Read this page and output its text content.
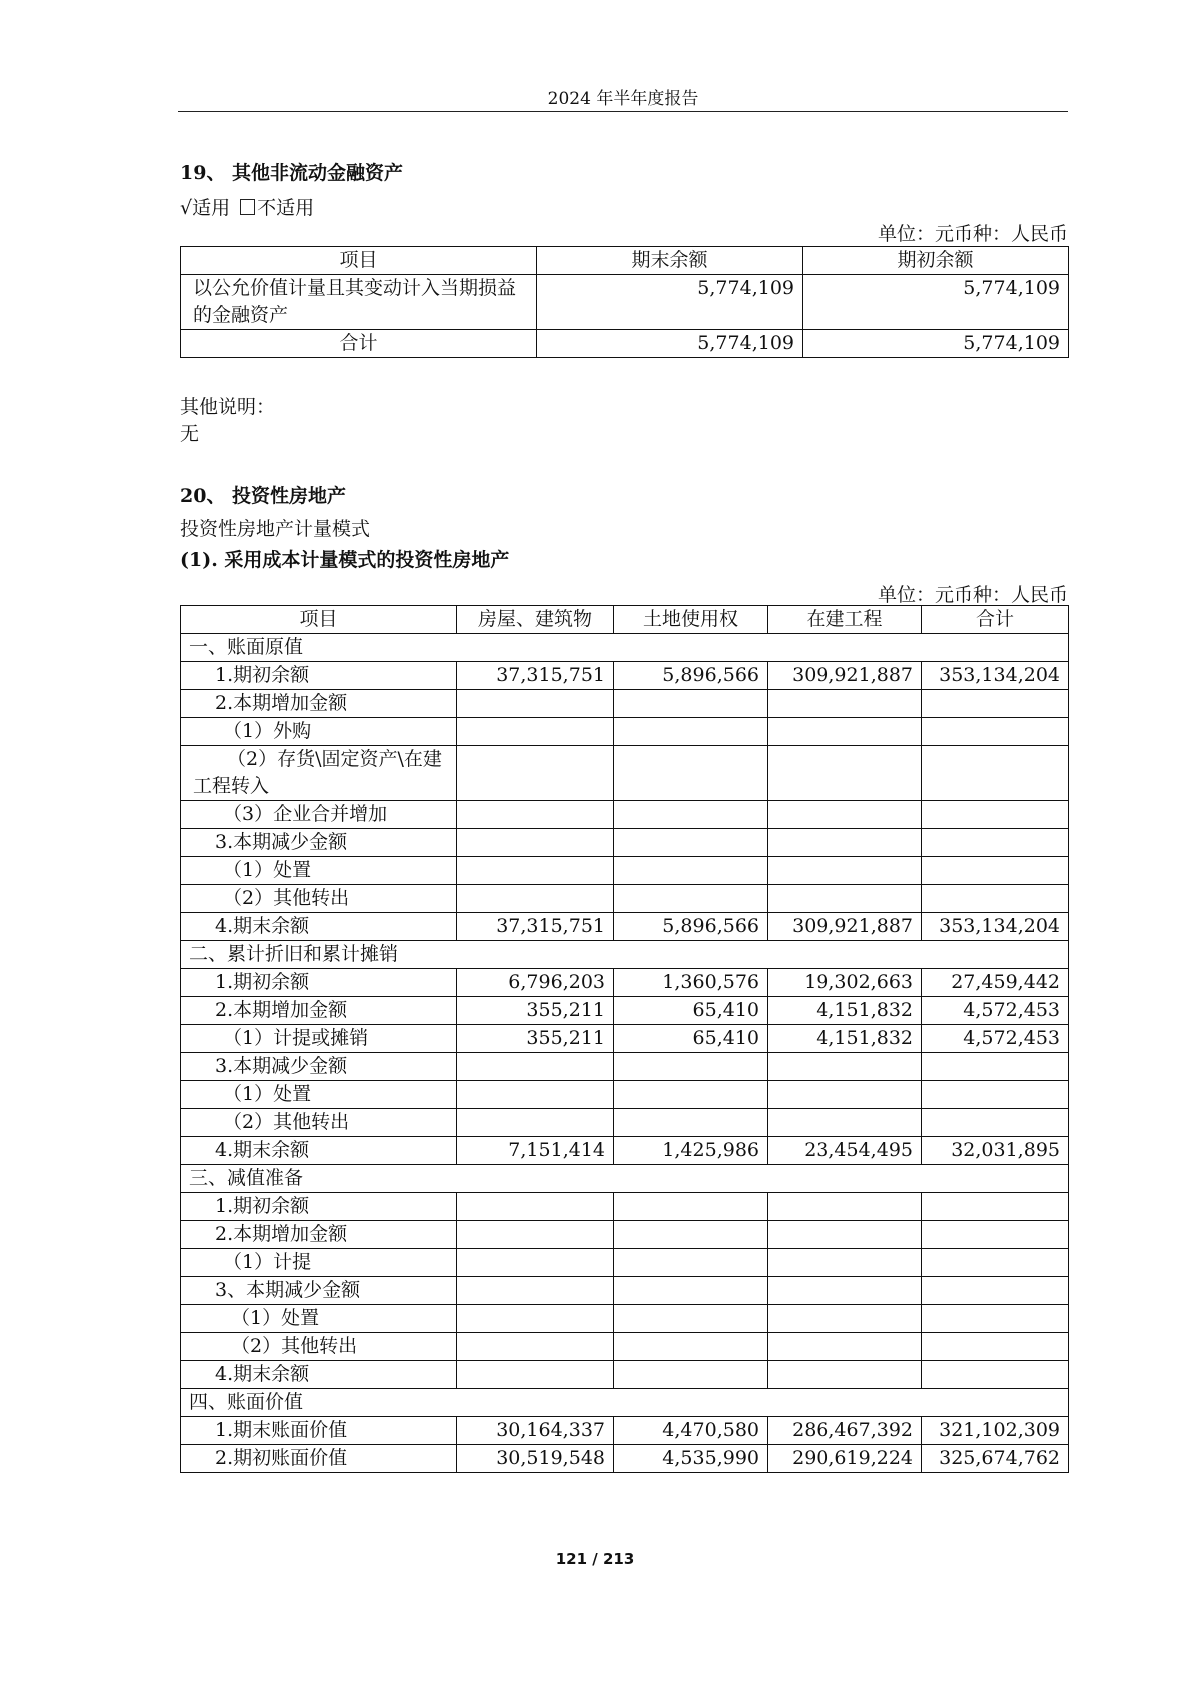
2024 年半年度报告
19、 其他非流动金融资产
√适用 不适用
单位：元币种：人民币
项目	期末余额	期初余额
以公允价值计量且其变动计入当期损益的金融资产	5,774,109	5,774,109
合计	5,774,109	5,774,109
其他说明：
无
20、 投资性房地产
投资性房地产计量模式
(1). 采用成本计量模式的投资性房地产
单位：元币种：人民币
项目	房屋、建筑物	土地使用权	在建工程	合计
一、账面原值				
1.期初余额	37,315,751	5,896,566	309,921,887	353,134,204
2.本期增加金额				
（1）外购				
（2）存货\固定资产\在建工程转入				
（3）企业合并增加				
3.本期减少金额				
（1）处置				
（2）其他转出				
4.期末余额	37,315,751	5,896,566	309,921,887	353,134,204
二、累计折旧和累计摊销				
1.期初余额	6,796,203	1,360,576	19,302,663	27,459,442
2.本期增加金额	355,211	65,410	4,151,832	4,572,453
（1）计提或摊销	355,211	65,410	4,151,832	4,572,453
3.本期减少金额				
（1）处置				
（2）其他转出				
4.期末余额	7,151,414	1,425,986	23,454,495	32,031,895
三、减值准备				
1.期初余额				
2.本期增加金额				
（1）计提				
3、本期减少金额				
（1）处置				
（2）其他转出				
4.期末余额				
四、账面价值				
1.期末账面价值	30,164,337	4,470,580	286,467,392	321,102,309
2.期初账面价值	30,519,548	4,535,990	290,619,224	325,674,762
121 / 213
